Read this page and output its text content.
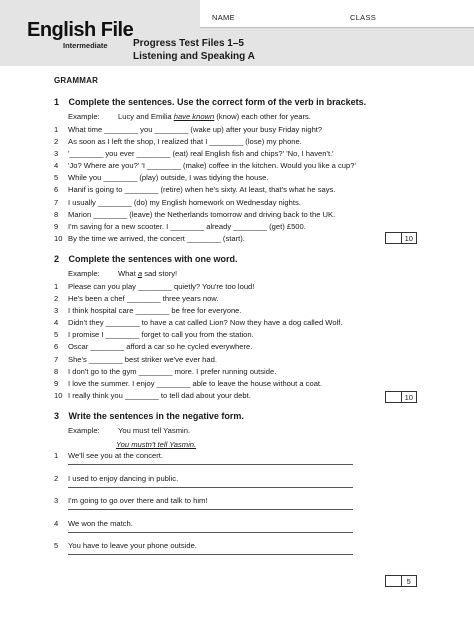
NAME	CLASS
English File
Intermediate	Progress Test Files 1–5
Listening and Speaking A
GRAMMAR
1 Complete the sentences. Use the correct form of the verb in brackets.
Example: Lucy and Emilia have known (know) each other for years.
1	What time ________ you ________ (wake up) after your busy Friday night?
2	As soon as I left the shop, I realized that I ________ (lose) my phone.
3	'________ you ever ________ (eat) real English fish and chips?' 'No, I haven't.'
4	'Jo? Where are you?' 'I ________ (make) coffee in the kitchen. Would you like a cup?'
5	While you ________ (play) outside, I was tidying the house.
6	Hanif is going to ________ (retire) when he's sixty. At least, that's what he says.
7	I usually ________ (do) my English homework on Wednesday nights.
8	Marion ________ (leave) the Netherlands tomorrow and driving back to the UK.
9	I'm saving for a new scooter. I ________ already ________ (get) £500.
10 By the time we arrived, the concert ________ (start).	10
2 Complete the sentences with one word.
Example: What a sad story!
1	Please can you play ________ quietly? You're too loud!
2	He's been a chef ________ three years now.
3	I think hospital care ________ be free for everyone.
4	Didn't they ________ to have a cat called Lion? Now they have a dog called Wolf.
5	I promise I ________ forget to call you from the station.
6	Oscar ________ afford a car so he cycled everywhere.
7	She's ________ best striker we've ever had.
8	I don't go to the gym ________ more. I prefer running outside.
9	I love the summer. I enjoy ________ able to leave the house without a coat.
10 I really think you ________ to tell dad about your debt.	10
3 Write the sentences in the negative form.
Example: You must tell Yasmin.
You mustn't tell Yasmin.
1	We'll see you at the concert.
2	I used to enjoy dancing in public.
3	I'm going to go over there and talk to him!
4	We won the match.
5	You have to leave your phone outside.
5
